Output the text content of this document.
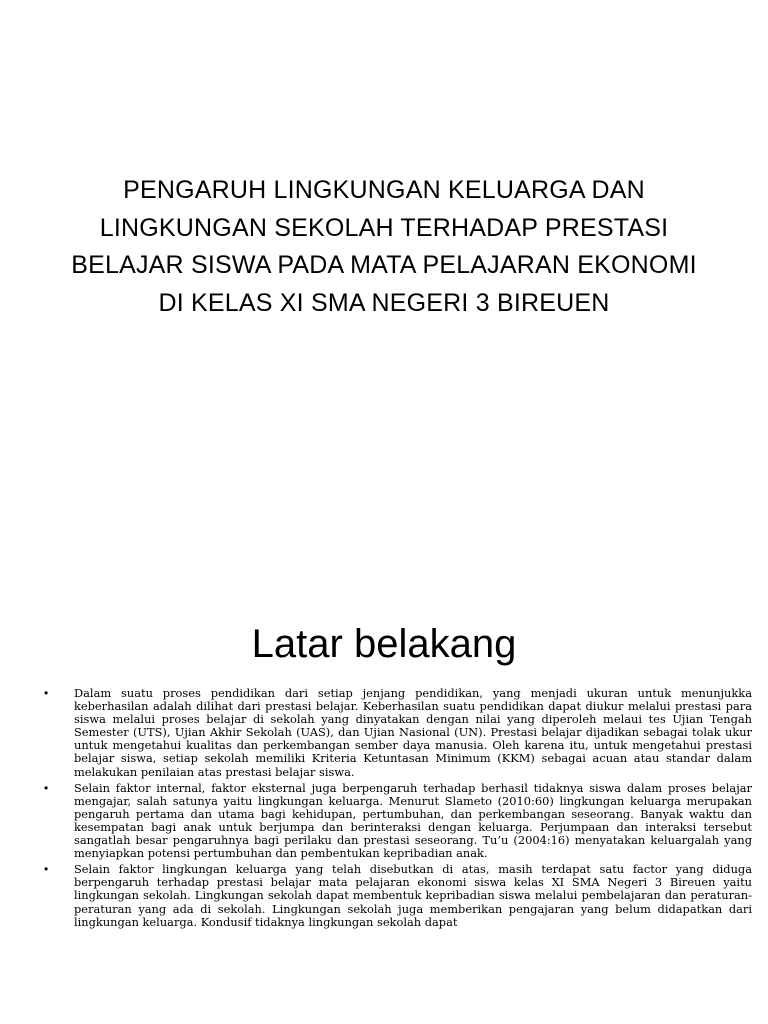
PENGARUH LINGKUNGAN KELUARGA DAN
LINGKUNGAN SEKOLAH TERHADAP PRESTASI
BELAJAR SISWA PADA MATA PELAJARAN EKONOMI
DI KELAS XI SMA NEGERI 3 BIREUEN
Latar belakang
• Dalam suatu proses pendidikan dari setiap jenjang pendidikan, yang menjadi ukuran untuk menunjukka keberhasilan adalah dilihat dari prestasi belajar. Keberhasilan suatu pendidikan dapat diukur melalui prestasi para siswa melalui proses belajar di sekolah yang dinyatakan dengan nilai yang diperoleh melaui tes Ujian Tengah Semester (UTS), Ujian Akhir Sekolah (UAS), dan Ujian Nasional (UN). Prestasi belajar dijadikan sebagai tolak ukur untuk mengetahui kualitas dan perkembangan sember daya manusia. Oleh karena itu, untuk mengetahui prestasi belajar siswa, setiap sekolah memiliki Kriteria Ketuntasan Minimum (KKM) sebagai acuan atau standar dalam melakukan penilaian atas prestasi belajar siswa.
• Selain faktor internal, faktor eksternal juga berpengaruh terhadap berhasil tidaknya siswa dalam proses belajar mengajar, salah satunya yaitu lingkungan keluarga. Menurut Slameto (2010:60) lingkungan keluarga merupakan pengaruh pertama dan utama bagi kehidupan, pertumbuhan, dan perkembangan seseorang. Banyak waktu dan kesempatan bagi anak untuk berjumpa dan berinteraksi dengan keluarga. Perjumpaan dan interaksi tersebut sangatlah besar pengaruhnya bagi perilaku dan prestasi seseorang. Tu’u (2004:16) menyatakan keluargalah yang menyiapkan potensi pertumbuhan dan pembentukan kepribadian anak.
• Selain faktor lingkungan keluarga yang telah disebutkan di atas, masih terdapat satu factor yang diduga berpengaruh terhadap prestasi belajar mata pelajaran ekonomi siswa kelas XI SMA Negeri 3 Bireuen yaitu lingkungan sekolah. Lingkungan sekolah dapat membentuk kepribadian siswa melalui pembelajaran dan peraturan-peraturan yang ada di sekolah. Lingkungan sekolah juga memberikan pengajaran yang belum didapatkan dari lingkungan keluarga. Kondusif tidaknya lingkungan sekolah dapat
